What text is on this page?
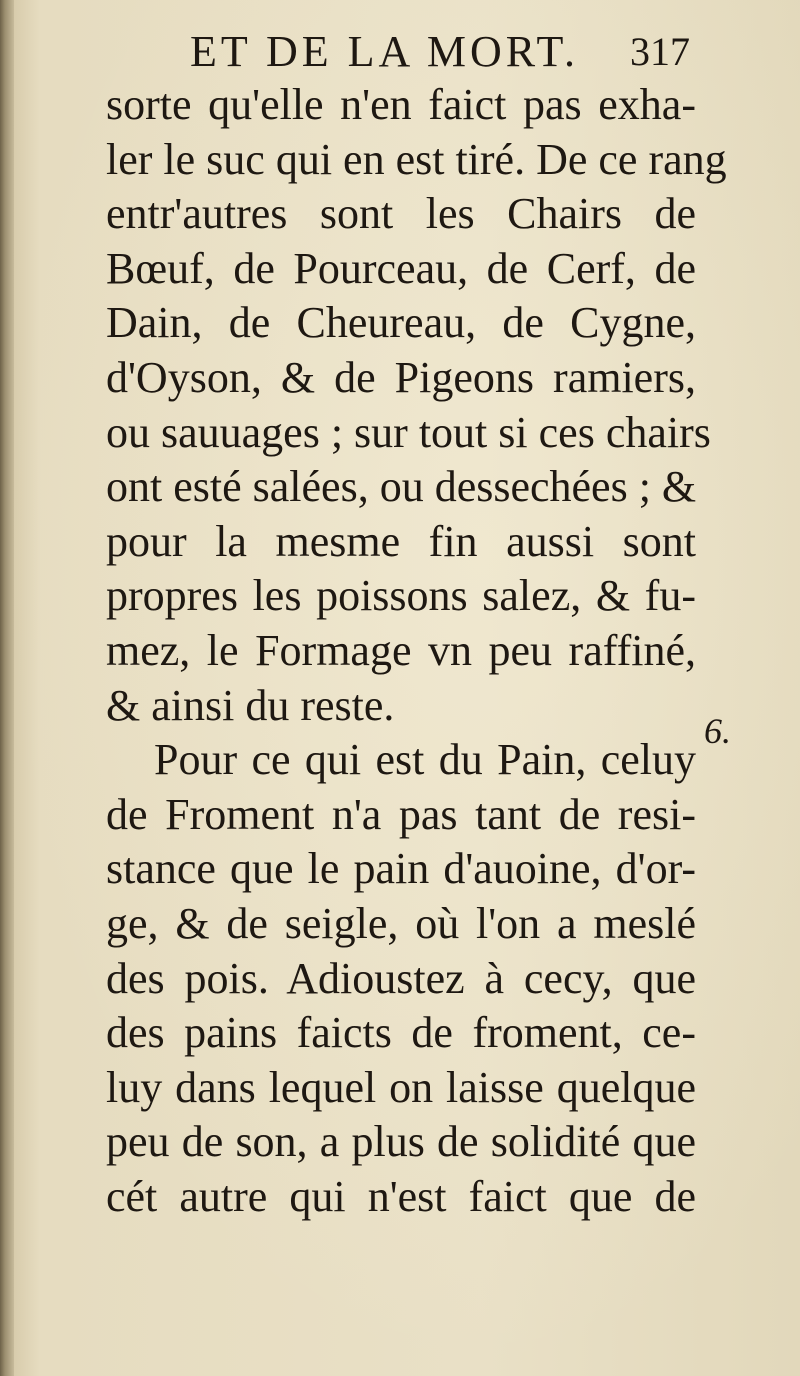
ET DE LA MORT. 317
sorte qu'elle n'en faict pas exha-
ler le suc qui en est tiré. De ce rang
entr'autres sont les Chairs de
Bœuf, de Pourceau, de Cerf, de
Dain, de Cheureau, de Cygne,
d'Oyson, & de Pigeons ramiers,
ou sauuages ; sur tout si ces chairs
ont esté salées, ou dessechées ; &
pour la mesme fin aussi sont
propres les poissons salez, & fu-
mez, le Formage vn peu raffiné,
& ainsi du reste.
Pour ce qui est du Pain, celuy
de Froment n'a pas tant de resi-
stance que le pain d'auoine, d'or-
ge, & de seigle, où l'on a meslé
des pois. Adioustez à cecy, que
des pains faicts de froment, ce-
luy dans lequel on laisse quelque
peu de son, a plus de solidité que
cét autre qui n'est faict que de
6.
